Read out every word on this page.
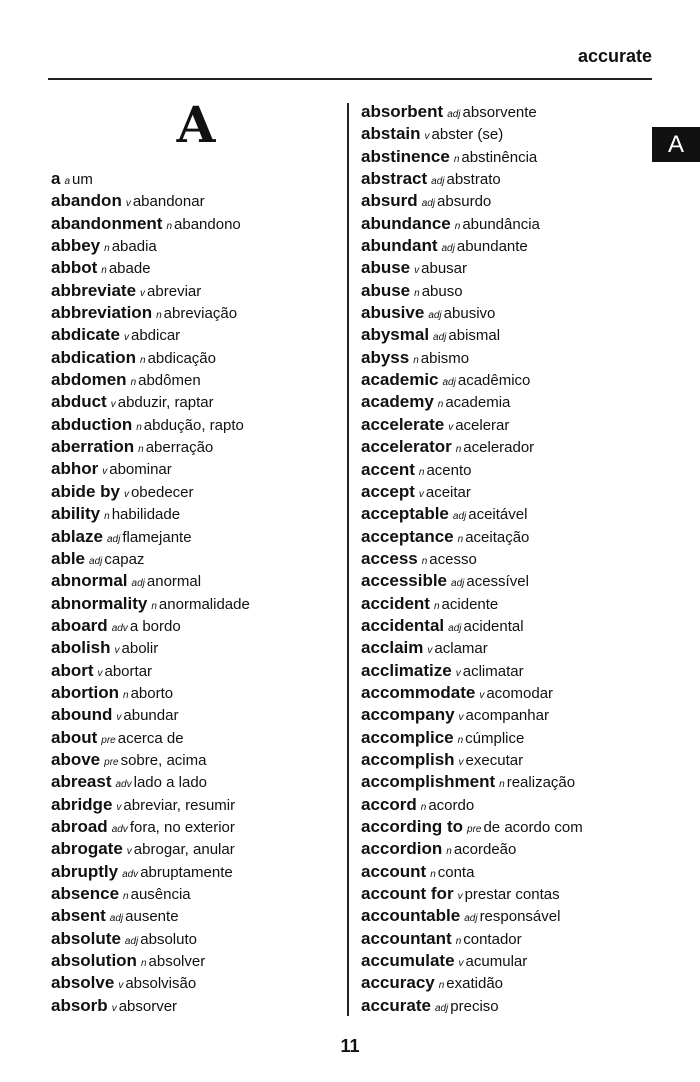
accurate
A
A
aa um
abandon v abandonar
abandonment n abandono
abbey n abadia
abbot n abade
abbreviate v abreviar
abbreviation n abreviação
abdicate v abdicar
abdication n abdicação
abdomen n abdômen
abduct v abduzir, raptar
abduction n abdução, rapto
aberration n aberração
abhor v abominar
abide by v obedecer
ability n habilidade
ablaze adj flamejante
able adj capaz
abnormal adj anormal
abnormality n anormalidade
aboard adv a bordo
abolish v abolir
abort v abortar
abortion n aborto
abound v abundar
about pre acerca de
above pre sobre, acima
abreast adv lado a lado
abridge v abreviar, resumir
abroad adv fora, no exterior
abrogate v abrogar, anular
abruptly adv abruptamente
absence n ausência
absent adj ausente
absolute adj absoluto
absolution n absolver
absolve v absolvisão
absorb v absorver
absorbent adj absorvente
abstain v abster (se)
abstinence n abstinência
abstract adj abstrato
absurd adj absurdo
abundance n abundância
abundant adj abundante
abuse v abusar
abuse n abuso
abusive adj abusivo
abysmal adj abismal
abyss n abismo
academic adj acadêmico
academy n academia
accelerate v acelerar
accelerator n acelerador
accent n acento
accept v aceitar
acceptable adj aceitável
acceptance n aceitação
access n acesso
accessible adj acessível
accident n acidente
accidental adj acidental
acclaim v aclamar
acclimatize v aclimatar
accommodate v acomodar
accompany v acompanhar
accomplice n cúmplice
accomplish v executar
accomplishment n realização
accord n acordo
according to pre de acordo com
accordion n acordeão
account n conta
account for v prestar contas
accountable adj responsável
accountant n contador
accumulate v acumular
accuracy n exatidão
accurate adj preciso
11
